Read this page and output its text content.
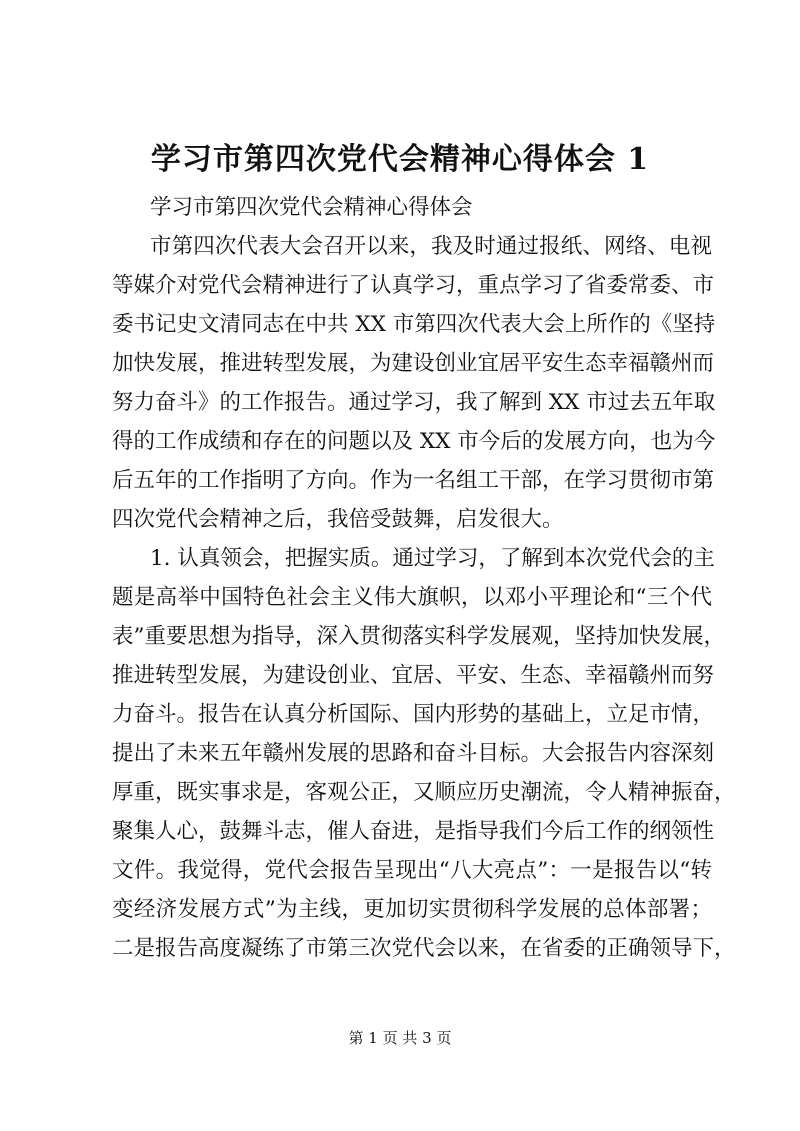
学习市第四次党代会精神心得体会 1
学习市第四次党代会精神心得体会
市第四次代表大会召开以来，我及时通过报纸、网络、电视
等媒介对党代会精神进行了认真学习，重点学习了省委常委、市
委书记史文清同志在中共 XX 市第四次代表大会上所作的《坚持
加快发展，推进转型发展，为建设创业宜居平安生态幸福赣州而
努力奋斗》的工作报告。通过学习，我了解到 XX 市过去五年取
得的工作成绩和存在的问题以及 XX 市今后的发展方向，也为今
后五年的工作指明了方向。作为一名组工干部，在学习贯彻市第
四次党代会精神之后，我倍受鼓舞，启发很大。
1. 认真领会，把握实质。通过学习，了解到本次党代会的主
题是高举中国特色社会主义伟大旗帜，以邓小平理论和“三个代
表”重要思想为指导，深入贯彻落实科学发展观，坚持加快发展，
推进转型发展，为建设创业、宜居、平安、生态、幸福赣州而努
力奋斗。报告在认真分析国际、国内形势的基础上，立足市情，
提出了未来五年赣州发展的思路和奋斗目标。大会报告内容深刻
厚重，既实事求是，客观公正，又顺应历史潮流，令人精神振奋，
聚集人心，鼓舞斗志，催人奋进，是指导我们今后工作的纲领性
文件。我觉得，党代会报告呈现出“八大亮点”：一是报告以“转
变经济发展方式”为主线，更加切实贯彻科学发展的总体部署；
二是报告高度凝练了市第三次党代会以来，在省委的正确领导下，
第 1 页 共 3 页
